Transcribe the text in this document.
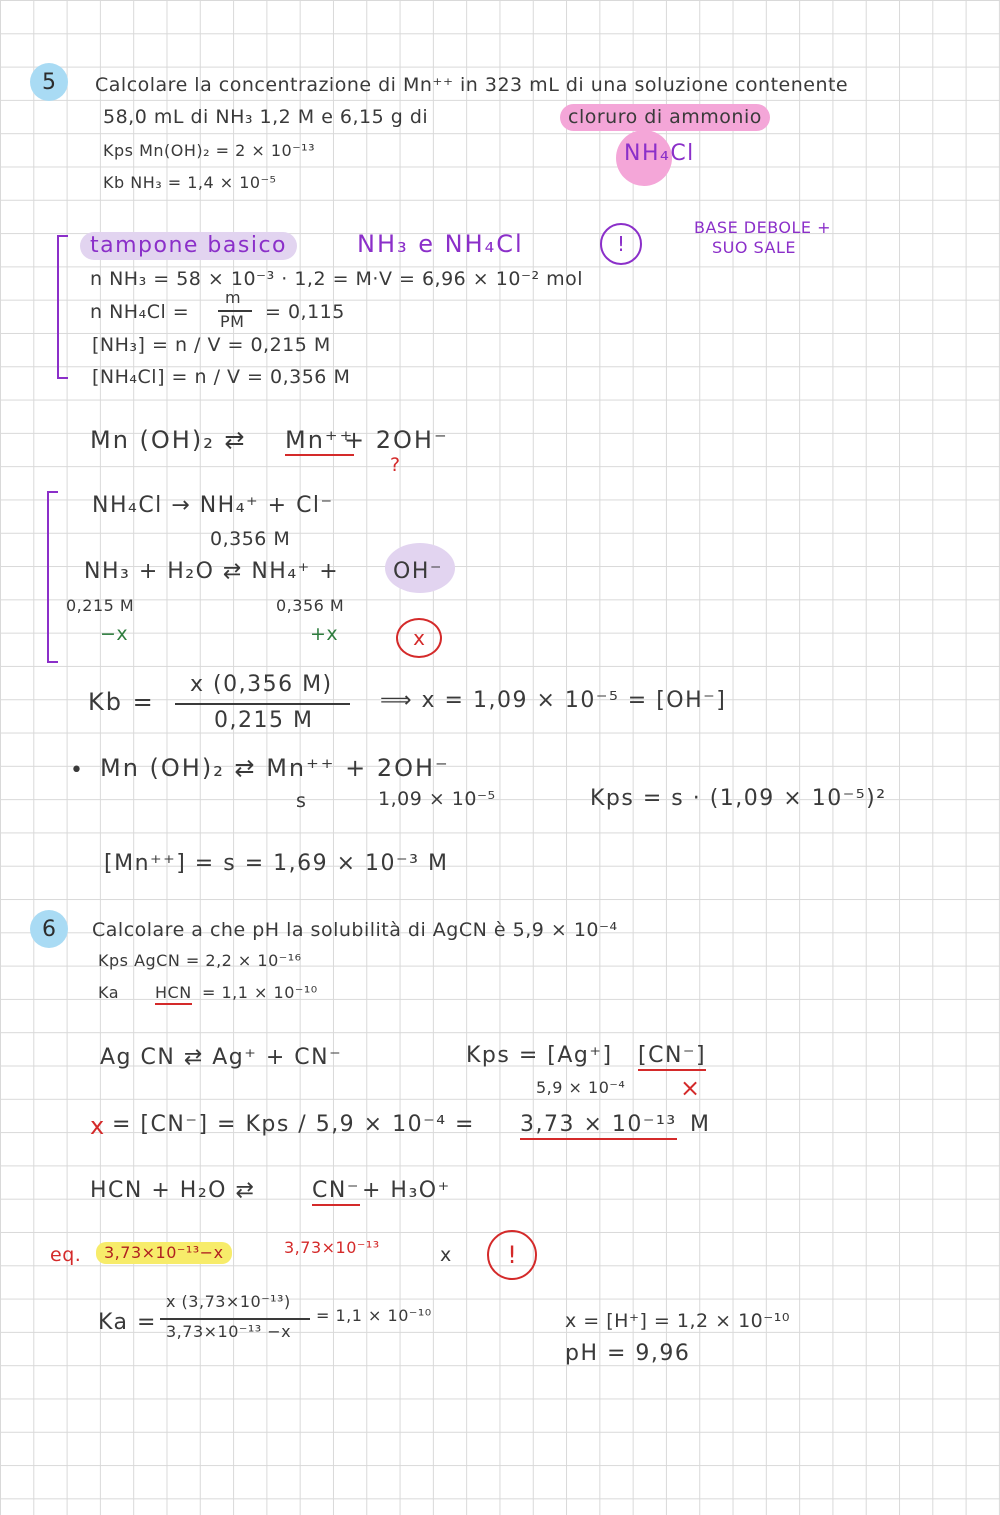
5 Calcolare la concentrazione di Mn⁺⁺ in 323 mL di una soluzione contenente
58,0 mL di NH₃ 1,2 M e 6,15 g di	cloruro di ammonio
NH₄Cl
Kps Mn(OH)₂ = 2 × 10⁻¹³
Kb NH₃ = 1,4 × 10⁻⁵
tampone basico	NH₃ e NH₄Cl	!
BASE DEBOLE +
SUO SALE
n NH₃ = 58 × 10⁻³ · 1,2 = M·V = 6,96 × 10⁻² mol
n NH₄Cl =
m
PM = 0,115
[NH₃] = n / V = 0,215 M
[NH₄Cl] = n / V = 0,356 M
Mn (OH)₂ ⇄ Mn⁺⁺
+ 2OH⁻
?
NH₄Cl → NH₄⁺ + Cl⁻
0,356 M
NH₃ + H₂O ⇄ NH₄⁺ + OH⁻
0,215 M	0,356 M
−x	+x	x
Kb =
x (0,356 M)
0,215 M
⟹ x = 1,09 × 10⁻⁵ = [OH⁻]
• Mn (OH)₂ ⇄ Mn⁺⁺ + 2OH⁻
s	1,09 × 10⁻⁵	Kps = s · (1,09 × 10⁻⁵)²
[Mn⁺⁺] = s = 1,69 × 10⁻³ M
6 Calcolare a che pH la solubilità di AgCN è 5,9 × 10⁻⁴
Kps AgCN = 2,2 × 10⁻¹⁶
Ka HCN = 1,1 × 10⁻¹⁰
Ag CN ⇄ Ag⁺ + CN⁻	Kps = [Ag⁺] [CN⁻]
5,9 × 10⁻⁴ ×
x = [CN⁻] = Kps / 5,9 × 10⁻⁴ = 3,73 × 10⁻¹³ M
HCN + H₂O ⇄	CN⁻ + H₃O⁺
eq.	3,73×10⁻¹³−x	3,73×10⁻¹³	x !
Ka =
x (3,73×10⁻¹³)
3,73×10⁻¹³ −x
= 1,1 × 10⁻¹⁰	x = [H⁺] = 1,2 × 10⁻¹⁰
pH = 9,96
